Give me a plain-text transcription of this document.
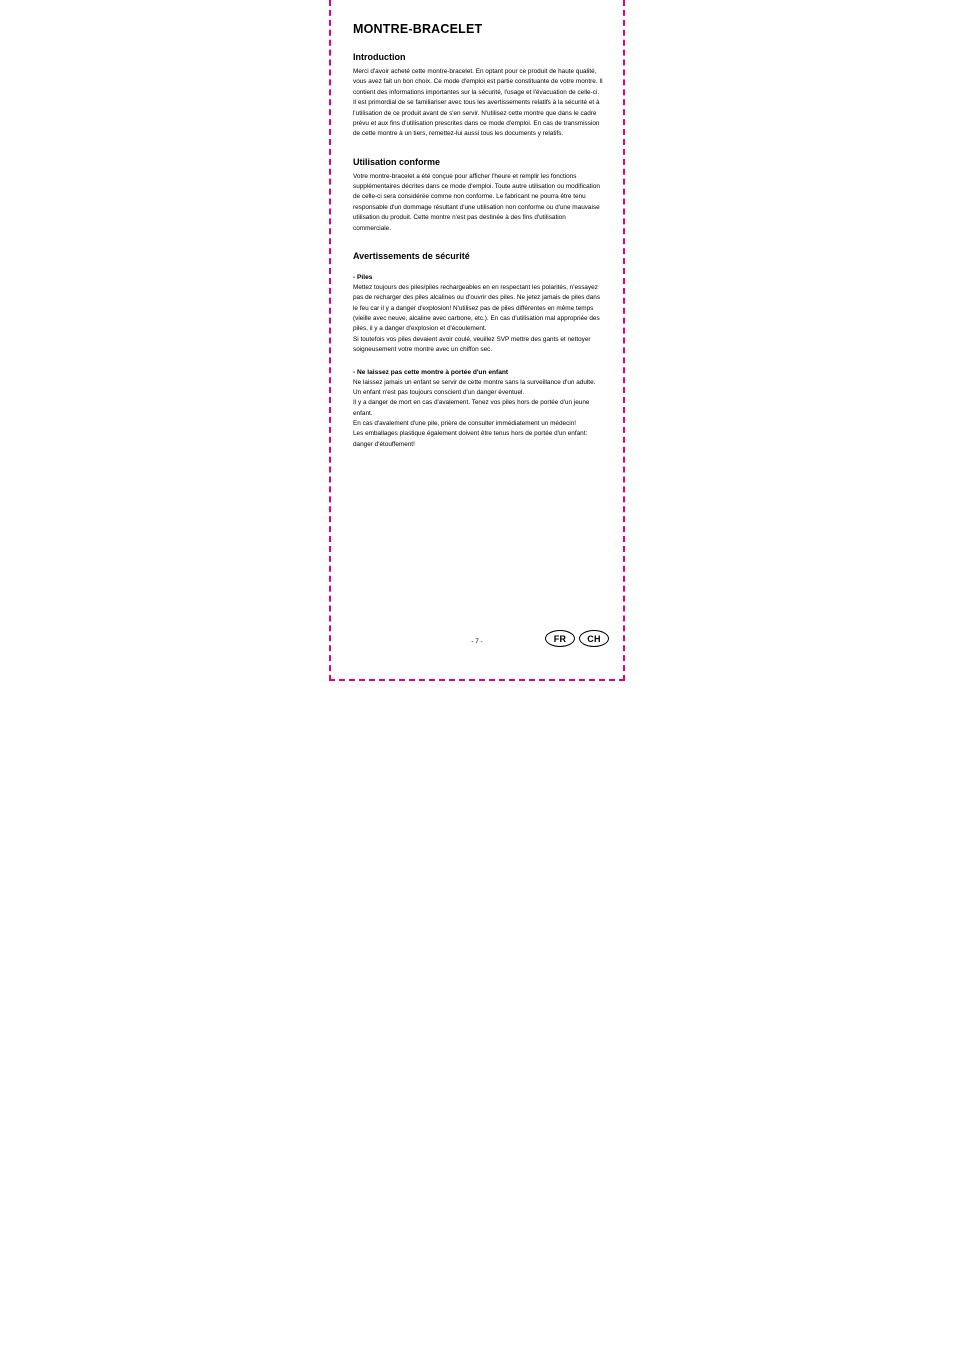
MONTRE-BRACELET
Introduction

Merci d'avoir acheté cette montre-bracelet. En optant pour ce produit de haute qualité, vous avez fait un bon choix. Ce mode d'emploi est partie constituante de votre montre. Il contient des informations importantes sur la sécurité, l'usage et l'évacuation de celle-ci. Il est primordial de se familiariser avec tous les avertissements relatifs à la sécurité et à l'utilisation de ce produit avant de s'en servir. N'utilisez cette montre que dans le cadre prévu et aux fins d'utilisation prescrites dans ce mode d'emploi. En cas de transmission de cette montre à un tiers, remettez-lui aussi tous les documents y relatifs.

Utilisation conforme

Votre montre-bracelet a été conçue pour afficher l'heure et remplir les fonctions supplémentaires décrites dans ce mode d'emploi. Toute autre utilisation ou modification de celle-ci sera considérée comme non conforme. Le fabricant ne pourra être tenu responsable d'un dommage résultant d'une utilisation non conforme ou d'une mauvaise utilisation du produit. Cette montre n'est pas destinée à des fins d'utilisation commerciale.

Avertissements de sécurité
- Piles

Mettez toujours des piles/piles rechargeables en en respectant les polarités, n'essayez pas de recharger des piles alcalines ou d'ouvrir des piles. Ne jetez jamais de piles dans le feu car il y a danger d'explosion! N'utilisez pas de piles différentes en même temps (vieille avec neuve, alcaline avec carbone, etc.). En cas d'utilisation mal appropriée des piles, il y a danger d'explosion et d'écoulement.

Si toutefois vos piles devaient avoir coulé, veuillez SVP mettre des gants et nettoyer soigneusement votre montre avec un chiffon sec.

- Ne laissez pas cette montre à portée d'un enfant

Ne laissez jamais un enfant se servir de cette montre sans la surveillance d'un adulte.

Un enfant n'est pas toujours conscient d'un danger éventuel.

Il y a danger de mort en cas d'avalement. Tenez vos piles hors de portée d'un jeune enfant.

En cas d'avalement d'une pile, prière de consulter immédiatement un médecin!

Les emballages plastique également doivent être tenus hors de portée d'un enfant: danger d'étouffement!

- 7 -	FR	CH
